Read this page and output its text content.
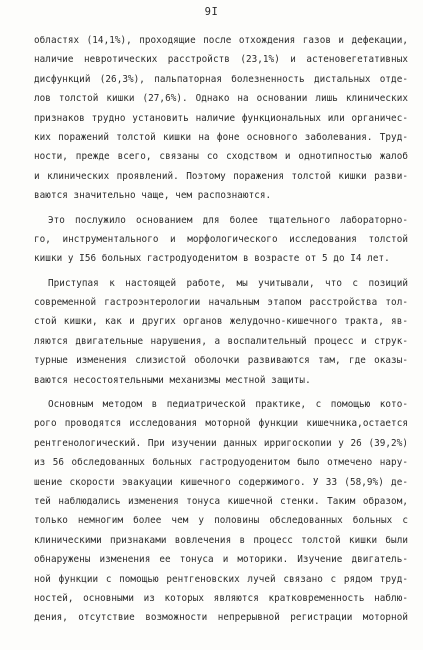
9I
областях (14,1%), проходящие после отхождения газов и дефекации,
наличие невротических расстройств (23,1%) и астеновегетативных
дисфункций (26,3%), пальпаторная болезненность дистальных отде-
лов толстой кишки (27,6%). Однако на основании лишь клинических
признаков трудно установить наличие функциональных или органичес-
ких поражений толстой кишки на фоне основного заболевания. Труд-
ности, прежде всего, связаны со сходством и однотипностью жалоб
и клинических проявлений. Поэтому поражения толстой кишки разви-
ваются значительно чаще, чем распознаются.
Это послужило основанием для более тщательного лабораторно-
го, инструментального и морфологического исследования толстой
кишки у I56 больных гастродуоденитом в возрасте от 5 до I4 лет.
Приступая к настоящей работе, мы учитывали, что с позиций
современной гастроэнтерологии начальным этапом расстройства тол-
стой кишки, как и других органов желудочно-кишечного тракта, яв-
ляются двигательные нарушения, а воспалительный процесс и струк-
турные изменения слизистой оболочки развиваются там, где оказы-
ваются несостоятельными механизмы местной защиты.
Основным методом в педиатрической практике, с помощью кото-
рого проводятся исследования моторной функции кишечника,остается
рентгенологический. При изучении данных ирригоскопии у 26 (39,2%)
из 56 обследованных больных гастродуоденитом было отмечено нару-
шение скорости эвакуации кишечного содержимого. У 33 (58,9%) де-
тей наблюдались изменения тонуса кишечной стенки. Таким образом,
только немногим более чем у половины обследованных больных с
клиническими признаками вовлечения в процесс толстой кишки были
обнаружены изменения ее тонуса и моторики. Изучение двигатель-
ной функции с помощью рентгеновских лучей связано с рядом труд-
ностей, основными из которых являются кратковременность наблю-
дения, отсутствие возможности непрерывной регистрации моторной
